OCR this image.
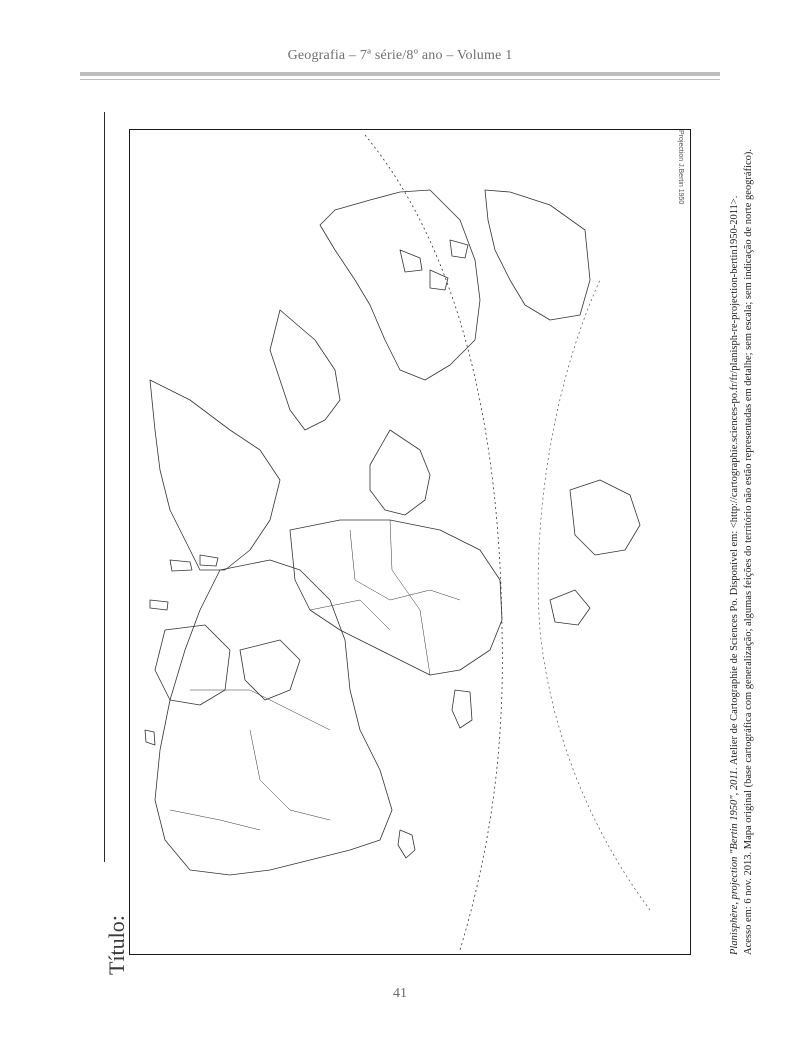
Geografia – 7ª série/8º ano – Volume 1
Título:
Projection J.Bertin 1950

Planisphère, projection "Bertin 1950", 2011. Atelier de Cartographie de Sciences Po. Disponível em: <http://cartographie.sciences-po.fr/fr/planisph-re-projection-bertin1950-2011>. Acesso em: 6 nov. 2013. Mapa original (base cartográfica com generalização; algumas feições do território não estão representadas em detalhe; sem escala; sem indicação de norte geográfico).

41
